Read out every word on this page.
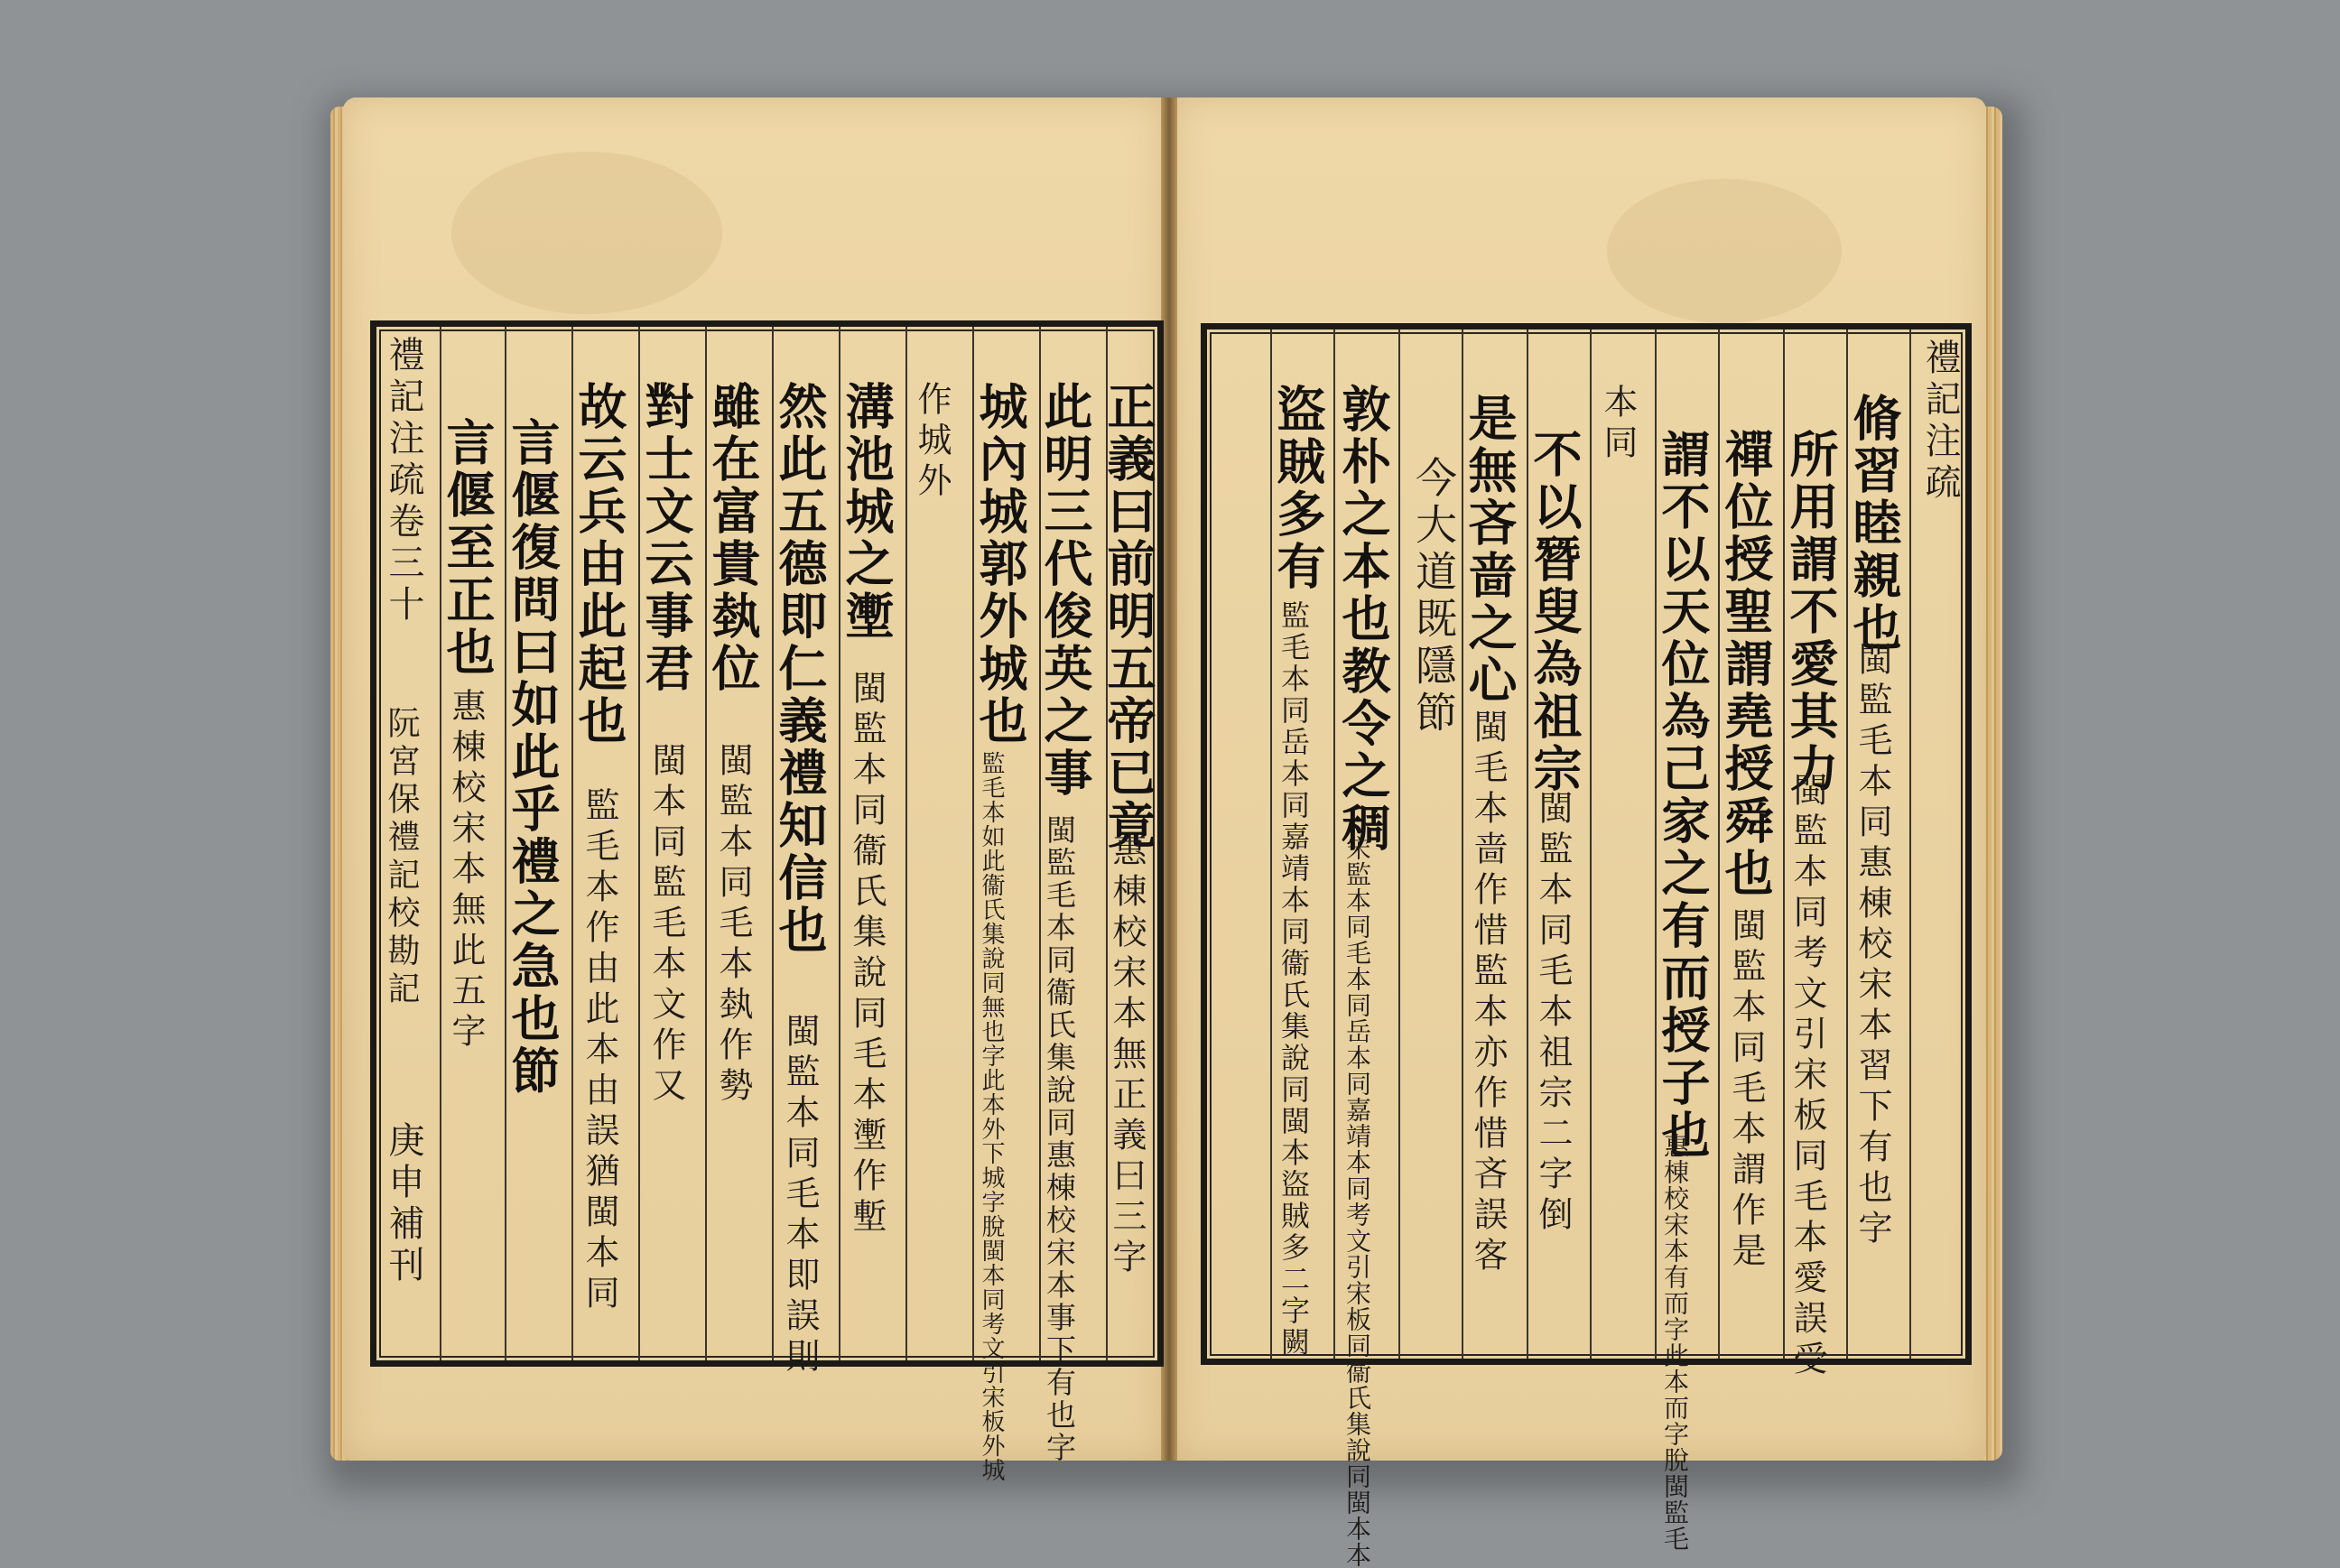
正義曰前明五帝已竟
惠棟校宋本無正義曰三字
此明三代俊英之事
閩監毛本同衞氏集說同惠棟校宋本事下有也字
城內城郭外城也
監毛本如此衞氏集說同無也字此本外下城字脫閩本同考文引宋板外城
作城外
溝池城之壍
閩監本同衞氏集說同毛本壍作塹
然此五德即仁義禮知信也
閩監本同毛本即誤則
雖在富貴埶位
閩監本同毛本埶作勢
對士文云事君
閩本同監毛本文作又
故云兵由此起也
監毛本作由此本由誤猶閩本同
言偃復問曰如此乎禮之急也節
言偃至正也
惠棟校宋本無此五字
禮記注疏卷三十
阮宮保禮記校勘記
庚申補刊
禮記注疏
脩習睦親也
閩監毛本同惠棟校宋本習下有也字
所用謂不愛其力
閩監本同考文引宋板同毛本愛誤受
禪位授聖謂堯授舜也
閩監本同毛本謂作是
謂不以天位為己家之有而授子也
惠棟校宋本有而字此本而字脫閩監毛
本同
不以朁叟為祖宗
閩監本同毛本祖宗二字倒
是無吝啬之心
閩毛本啬作惜監本亦作惜吝誤客
今大道既隱節
敦朴之本也教令之稠
宋監本同毛本同岳本同嘉靖本同考文引宋板同衞氏集說同閩本本
盜賊多有
監毛本同岳本同嘉靖本同衞氏集說同閩本盜賊多二字闕
